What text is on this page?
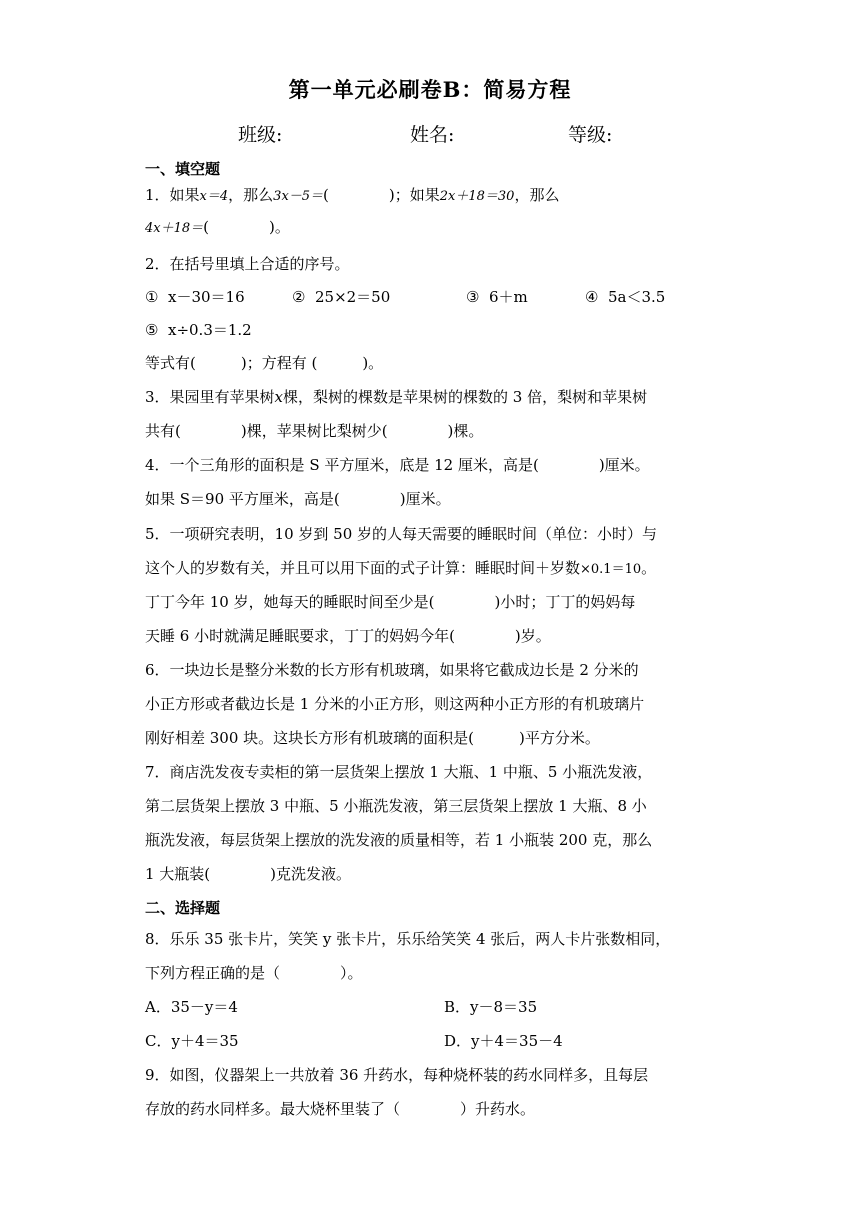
第一单元必刷卷B：简易方程
班级:	姓名:	等级:
一、填空题
1．如果x＝4，那么3x－5＝(　　　　)；如果2x＋18＝30，那么
4x＋18＝(　　　　)。
2．在括号里填上合适的序号。
①  x－30＝16	②  25×2＝50	③  6＋m	④  5a＜3.5
⑤  x÷0.3＝1.2
等式有(　　　)；方程有 (　　　)。
3．果园里有苹果树x棵，梨树的棵数是苹果树的棵数的 3 倍，梨树和苹果树
共有(　　　　)棵，苹果树比梨树少(　　　　)棵。
4．一个三角形的面积是 S 平方厘米，底是 12 厘米，高是(　　　　)厘米。
如果 S＝90 平方厘米，高是(　　　　)厘米。
5．一项研究表明，10 岁到 50 岁的人每天需要的睡眠时间（单位：小时）与
这个人的岁数有关，并且可以用下面的式子计算：睡眠时间＋岁数×0.1＝10。
丁丁今年 10 岁，她每天的睡眠时间至少是(　　　　)小时；丁丁的妈妈每
天睡 6 小时就满足睡眠要求，丁丁的妈妈今年(　　　　)岁。
6．一块边长是整分米数的长方形有机玻璃，如果将它截成边长是 2 分米的
小正方形或者截边长是 1 分米的小正方形，则这两种小正方形的有机玻璃片
刚好相差 300 块。这块长方形有机玻璃的面积是(　　　)平方分米。
7．商店洗发夜专卖柜的第一层货架上摆放 1 大瓶、1 中瓶、5 小瓶洗发液，
第二层货架上摆放 3 中瓶、5 小瓶洗发液，第三层货架上摆放 1 大瓶、8 小
瓶洗发液，每层货架上摆放的洗发液的质量相等，若 1 小瓶装 200 克，那么
1 大瓶装(　　　　)克洗发液。
二、选择题
8．乐乐 35 张卡片，笑笑 y 张卡片，乐乐给笑笑 4 张后，两人卡片张数相同，
下列方程正确的是（　　　　）。
A．35－y＝4	B．y－8＝35
C．y＋4＝35	D．y＋4＝35－4
9．如图，仪器架上一共放着 36 升药水，每种烧杯装的药水同样多，且每层
存放的药水同样多。最大烧杯里装了（　　　　）升药水。
